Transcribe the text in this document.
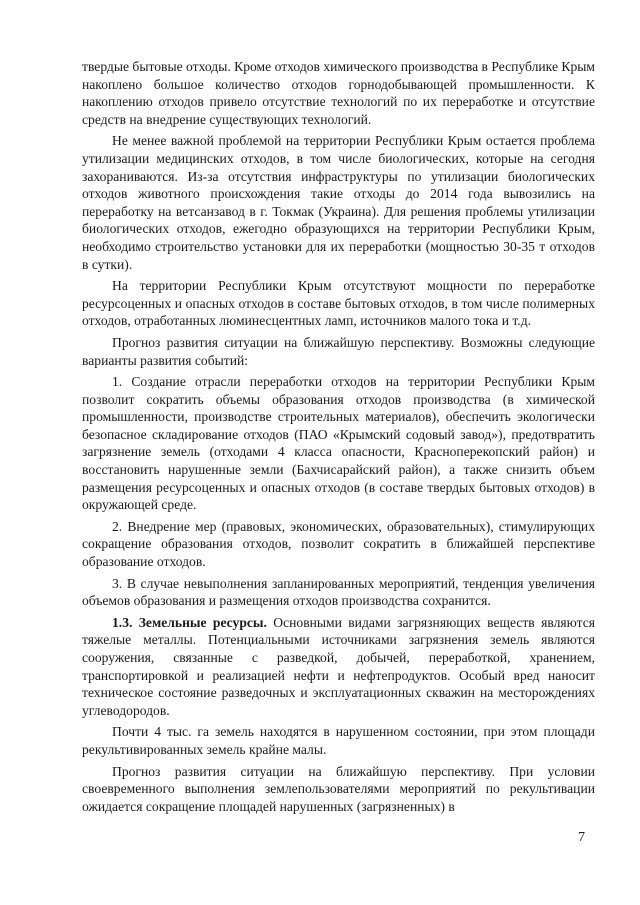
твердые бытовые отходы. Кроме отходов химического производства в Республике Крым накоплено большое количество отходов горнодобывающей промышленности. К накоплению отходов привело отсутствие технологий по их переработке и отсутствие средств на внедрение существующих технологий.

Не менее важной проблемой на территории Республики Крым остается проблема утилизации медицинских отходов, в том числе биологических, которые на сегодня захораниваются. Из-за отсутствия инфраструктуры по утилизации биологических отходов животного происхождения такие отходы до 2014 года вывозились на переработку на ветсанзавод в г. Токмак (Украина). Для решения проблемы утилизации биологических отходов, ежегодно образующихся на территории Республики Крым, необходимо строительство установки для их переработки (мощностью 30-35 т отходов в сутки).

На территории Республики Крым отсутствуют мощности по переработке ресурсоценных и опасных отходов в составе бытовых отходов, в том числе полимерных отходов, отработанных люминесцентных ламп, источников малого тока и т.д.

Прогноз развития ситуации на ближайшую перспективу. Возможны следующие варианты развития событий:

1. Создание отрасли переработки отходов на территории Республики Крым позволит сократить объемы образования отходов производства (в химической промышленности, производстве строительных материалов), обеспечить экологически безопасное складирование отходов (ПАО «Крымский содовый завод»), предотвратить загрязнение земель (отходами 4 класса опасности, Красноперекопский район) и восстановить нарушенные земли (Бахчисарайский район), а также снизить объем размещения ресурсоценных и опасных отходов (в составе твердых бытовых отходов) в окружающей среде.

2. Внедрение мер (правовых, экономических, образовательных), стимулирующих сокращение образования отходов, позволит сократить в ближайшей перспективе образование отходов.

3. В случае невыполнения запланированных мероприятий, тенденция увеличения объемов образования и размещения отходов производства сохранится.

1.3. Земельные ресурсы. Основными видами загрязняющих веществ являются тяжелые металлы. Потенциальными источниками загрязнения земель являются сооружения, связанные с разведкой, добычей, переработкой, хранением, транспортировкой и реализацией нефти и нефтепродуктов. Особый вред наносит техническое состояние разведочных и эксплуатационных скважин на месторождениях углеводородов.

Почти 4 тыс. га земель находятся в нарушенном состоянии, при этом площади рекультивированных земель крайне малы.

Прогноз развития ситуации на ближайшую перспективу. При условии своевременного выполнения землепользователями мероприятий по рекультивации ожидается сокращение площадей нарушенных (загрязненных) в

7
